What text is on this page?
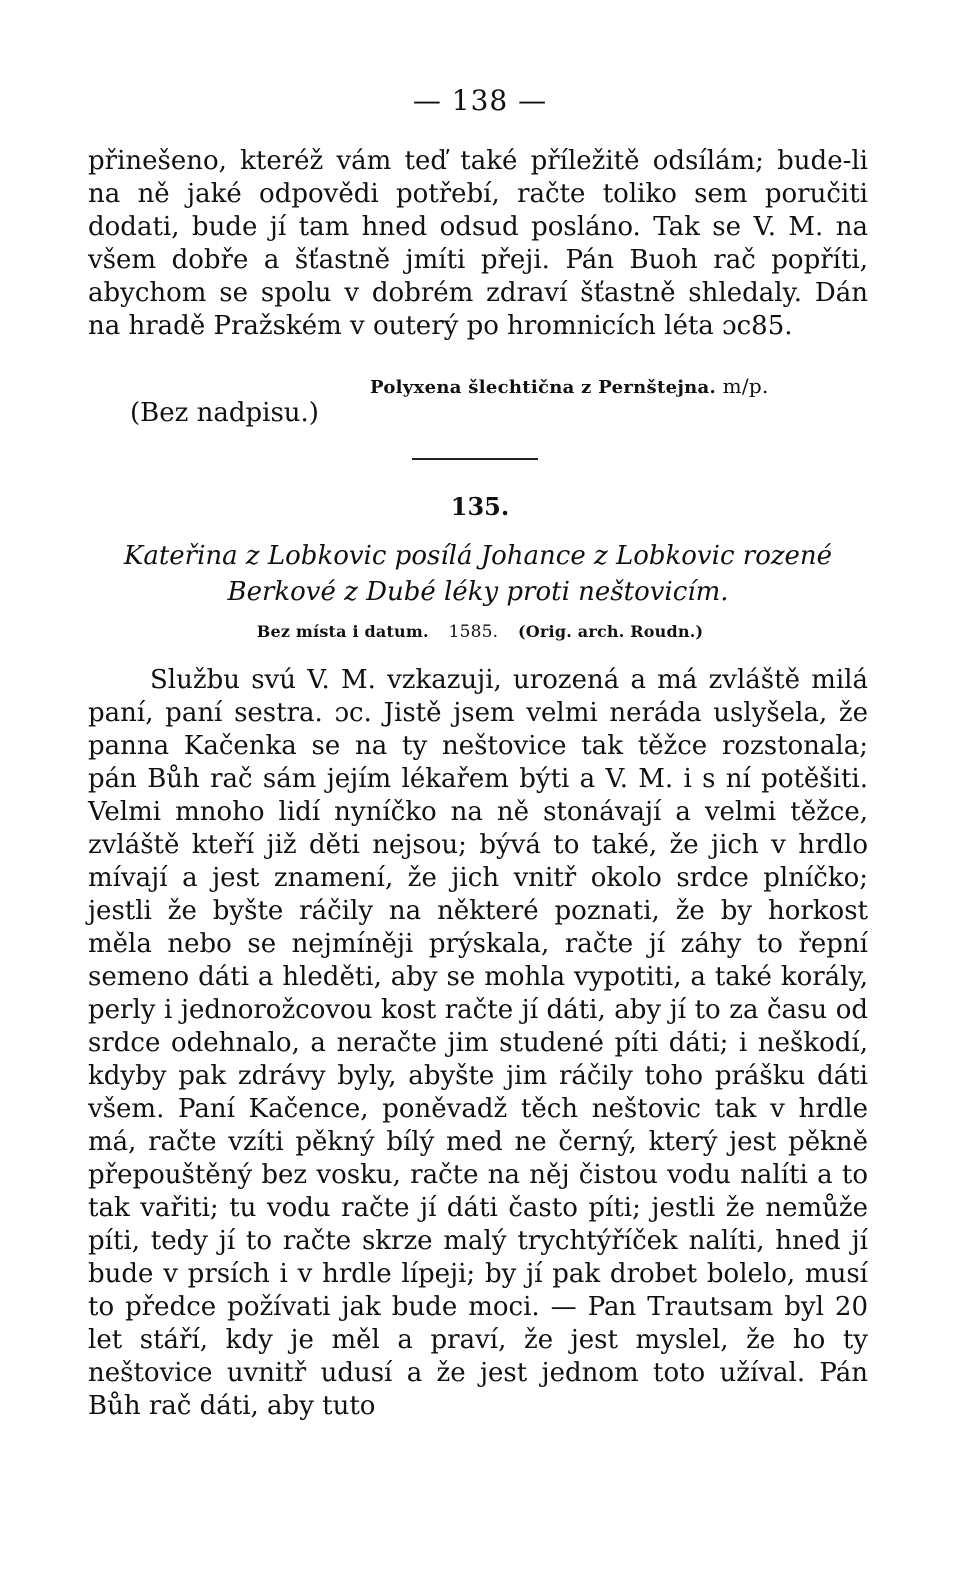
— 138 —

přinešeno, kteréž vám teď také příležitě odsílám; bude-li na ně jaké odpovědi potřebí, račte toliko sem poručiti dodati, bude jí tam hned odsud posláno. Tak se V. M. na všem dobře a šťastně jmíti přeji. Pán Buoh rač popříti, abychom se spolu v dobrém zdraví šťastně shledaly. Dán na hradě Pražském v outerý po hromnicích léta ɔc85.

Polyxena šlechtična z Pernštejna. m/p.
(Bez nadpisu.)
135.

Kateřina z Lobkovic posílá Johance z Lobkovic rozené Berkové z Dubé léky proti neštovicím.

Bez místa i datum. 1585. (Orig. arch. Roudn.)

Službu svú V. M. vzkazuji, urozená a má zvláště milá paní, paní sestra. ɔc. Jistě jsem velmi neráda uslyšela, že panna Kačenka se na ty neštovice tak těžce rozstonala; pán Bůh rač sám jejím lékařem býti a V. M. i s ní potěšiti. Velmi mnoho lidí nyníčko na ně stonávají a velmi těžce, zvláště kteří již děti nejsou; bývá to také, že jich v hrdlo mívají a jest znamení, že jich vnitř okolo srdce plníčko; jestli že byšte ráčily na některé poznati, že by horkost měla nebo se nejmíněji prýskala, račte jí záhy to řepní semeno dáti a hleděti, aby se mohla vypotiti, a také korály, perly i jednorožcovou kost račte jí dáti, aby jí to za času od srdce odehnalo, a neračte jim studené píti dáti; i neškodí, kdyby pak zdrávy byly, abyšte jim ráčily toho prášku dáti všem. Paní Kačence, poněvadž těch neštovic tak v hrdle má, račte vzíti pěkný bílý med ne černý, který jest pěkně přepouštěný bez vosku, račte na něj čistou vodu nalíti a to tak vařiti; tu vodu račte jí dáti často píti; jestli že nemůže píti, tedy jí to račte skrze malý trychtýříček nalíti, hned jí bude v prsích i v hrdle lípeji; by jí pak drobet bolelo, musí to předce požívati jak bude moci. — Pan Trautsam byl 20 let stáří, kdy je měl a praví, že jest myslel, že ho ty neštovice uvnitř udusí a že jest jednom toto užíval. Pán Bůh rač dáti, aby tuto
